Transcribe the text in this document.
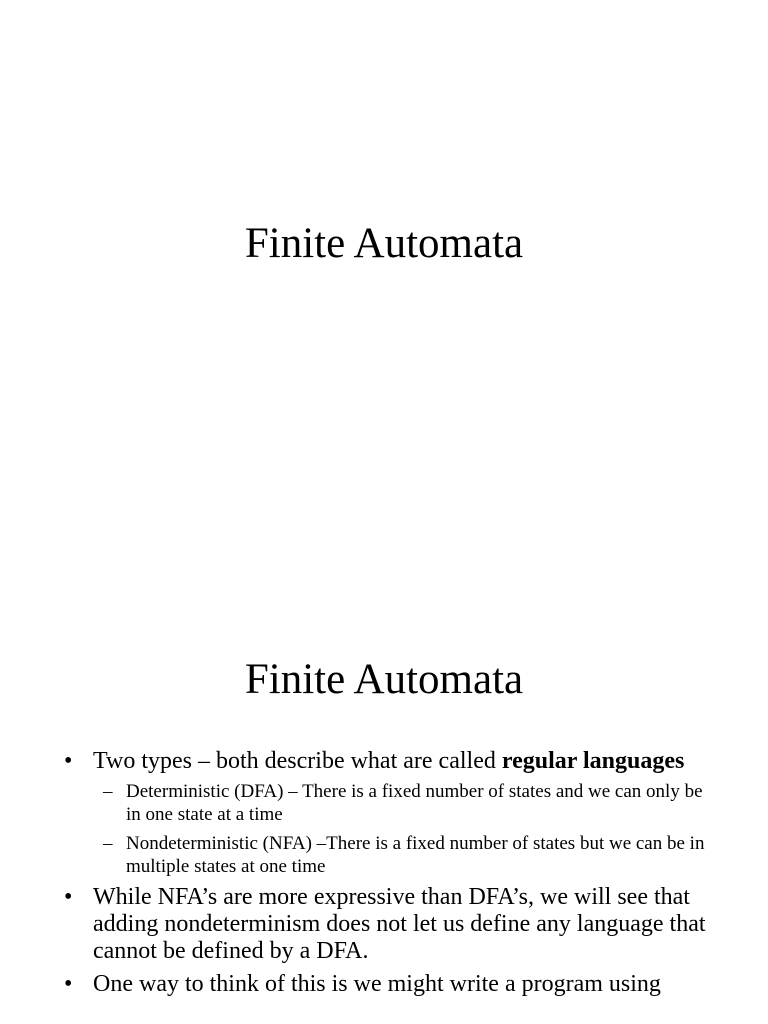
Finite Automata
Finite Automata
• Two types – both describe what are called regular languages
– Deterministic (DFA) – There is a fixed number of states and we can only be in one state at a time
– Nondeterministic (NFA) –There is a fixed number of states but we can be in multiple states at one time
• While NFA’s are more expressive than DFA’s, we will see that adding nondeterminism does not let us define any language that cannot be defined by a DFA.
• One way to think of this is we might write a program using
